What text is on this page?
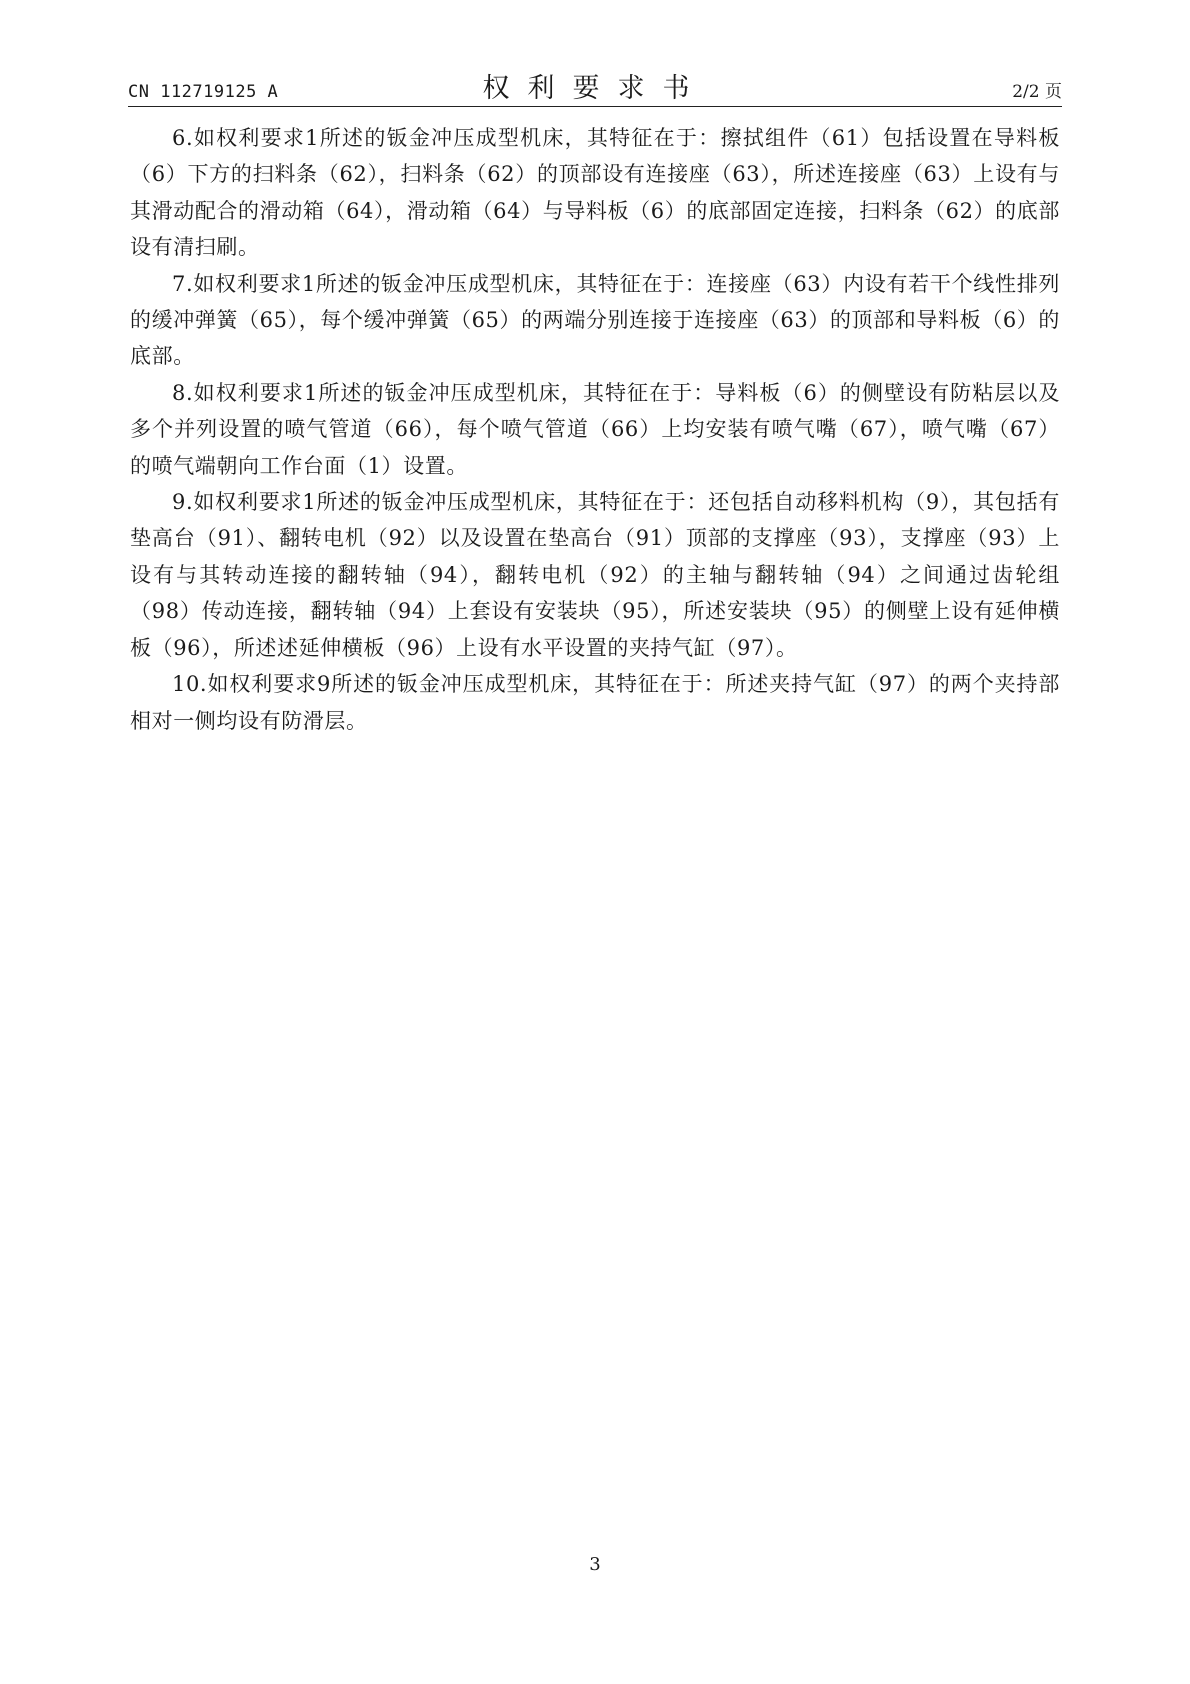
CN 112719125 A	权利要求书	2/2 页

6.如权利要求1所述的钣金冲压成型机床，其特征在于：擦拭组件（61）包括设置在导料板（6）下方的扫料条（62），扫料条（62）的顶部设有连接座（63），所述连接座（63）上设有与其滑动配合的滑动箱（64），滑动箱（64）与导料板（6）的底部固定连接，扫料条（62）的底部设有清扫刷。

7.如权利要求1所述的钣金冲压成型机床，其特征在于：连接座（63）内设有若干个线性排列的缓冲弹簧（65），每个缓冲弹簧（65）的两端分别连接于连接座（63）的顶部和导料板（6）的底部。

8.如权利要求1所述的钣金冲压成型机床，其特征在于：导料板（6）的侧壁设有防粘层以及多个并列设置的喷气管道（66），每个喷气管道（66）上均安装有喷气嘴（67），喷气嘴（67）的喷气端朝向工作台面（1）设置。

9.如权利要求1所述的钣金冲压成型机床，其特征在于：还包括自动移料机构（9），其包括有垫高台（91）、翻转电机（92）以及设置在垫高台（91）顶部的支撑座（93），支撑座（93）上设有与其转动连接的翻转轴（94），翻转电机（92）的主轴与翻转轴（94）之间通过齿轮组（98）传动连接，翻转轴（94）上套设有安装块（95），所述安装块（95）的侧壁上设有延伸横板（96），所述述延伸横板（96）上设有水平设置的夹持气缸（97）。

10.如权利要求9所述的钣金冲压成型机床，其特征在于：所述夹持气缸（97）的两个夹持部相对一侧均设有防滑层。

3
